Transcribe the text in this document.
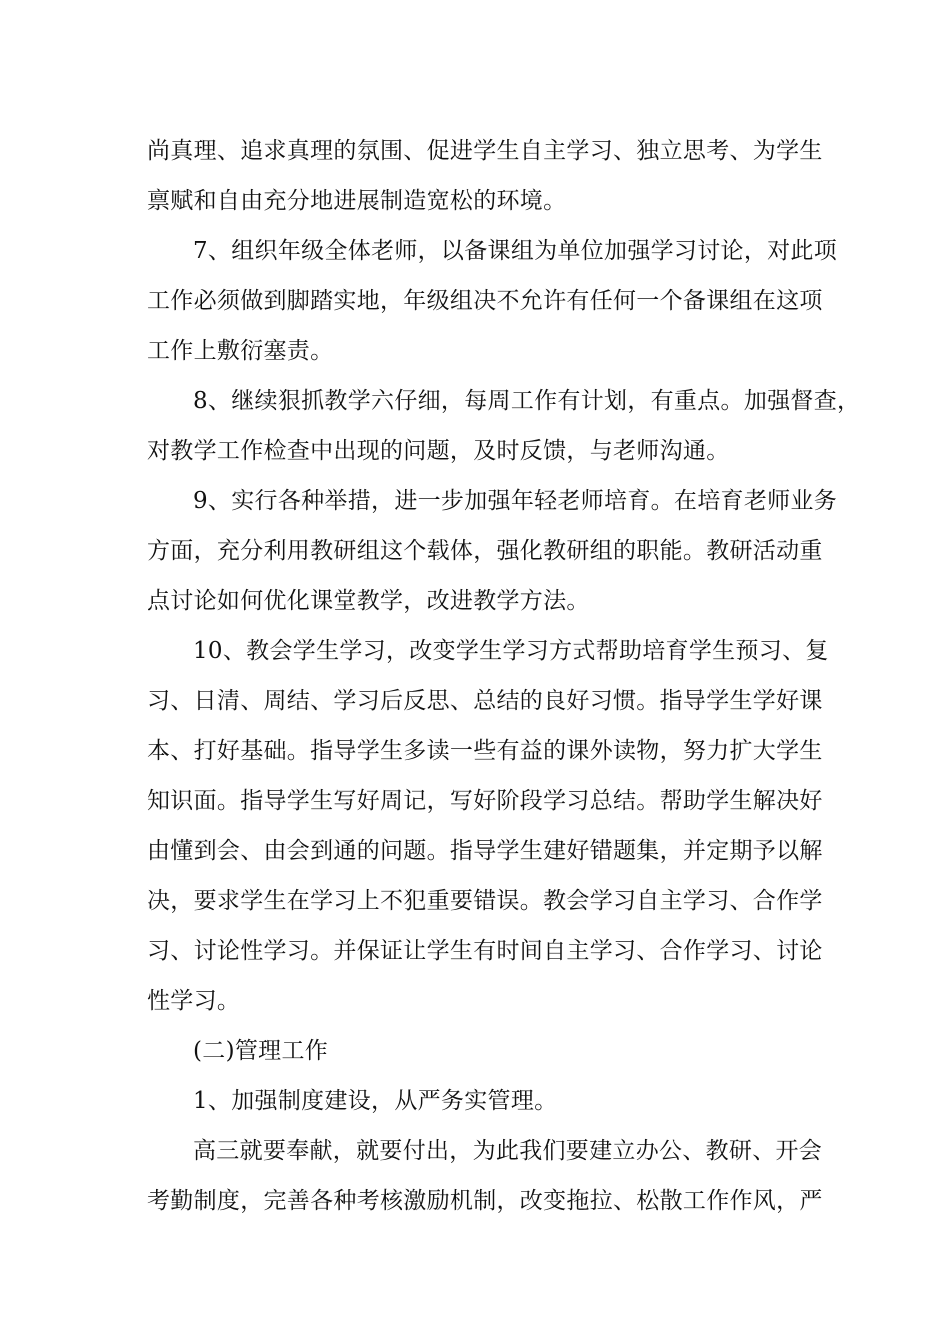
尚真理、追求真理的氛围、促进学生自主学习、独立思考、为学生
禀赋和自由充分地进展制造宽松的环境。
7、组织年级全体老师，以备课组为单位加强学习讨论，对此项
工作必须做到脚踏实地，年级组决不允许有任何一个备课组在这项
工作上敷衍塞责。
8、继续狠抓教学六仔细，每周工作有计划，有重点。加强督查，
对教学工作检查中出现的问题，及时反馈，与老师沟通。
9、实行各种举措，进一步加强年轻老师培育。在培育老师业务
方面，充分利用教研组这个载体，强化教研组的职能。教研活动重
点讨论如何优化课堂教学，改进教学方法。
10、教会学生学习，改变学生学习方式帮助培育学生预习、复
习、日清、周结、学习后反思、总结的良好习惯。指导学生学好课
本、打好基础。指导学生多读一些有益的课外读物，努力扩大学生
知识面。指导学生写好周记，写好阶段学习总结。帮助学生解决好
由懂到会、由会到通的问题。指导学生建好错题集，并定期予以解
决，要求学生在学习上不犯重要错误。教会学习自主学习、合作学
习、讨论性学习。并保证让学生有时间自主学习、合作学习、讨论
性学习。
(二)管理工作
1、加强制度建设，从严务实管理。
高三就要奉献，就要付出，为此我们要建立办公、教研、开会
考勤制度，完善各种考核激励机制，改变拖拉、松散工作作风，严
